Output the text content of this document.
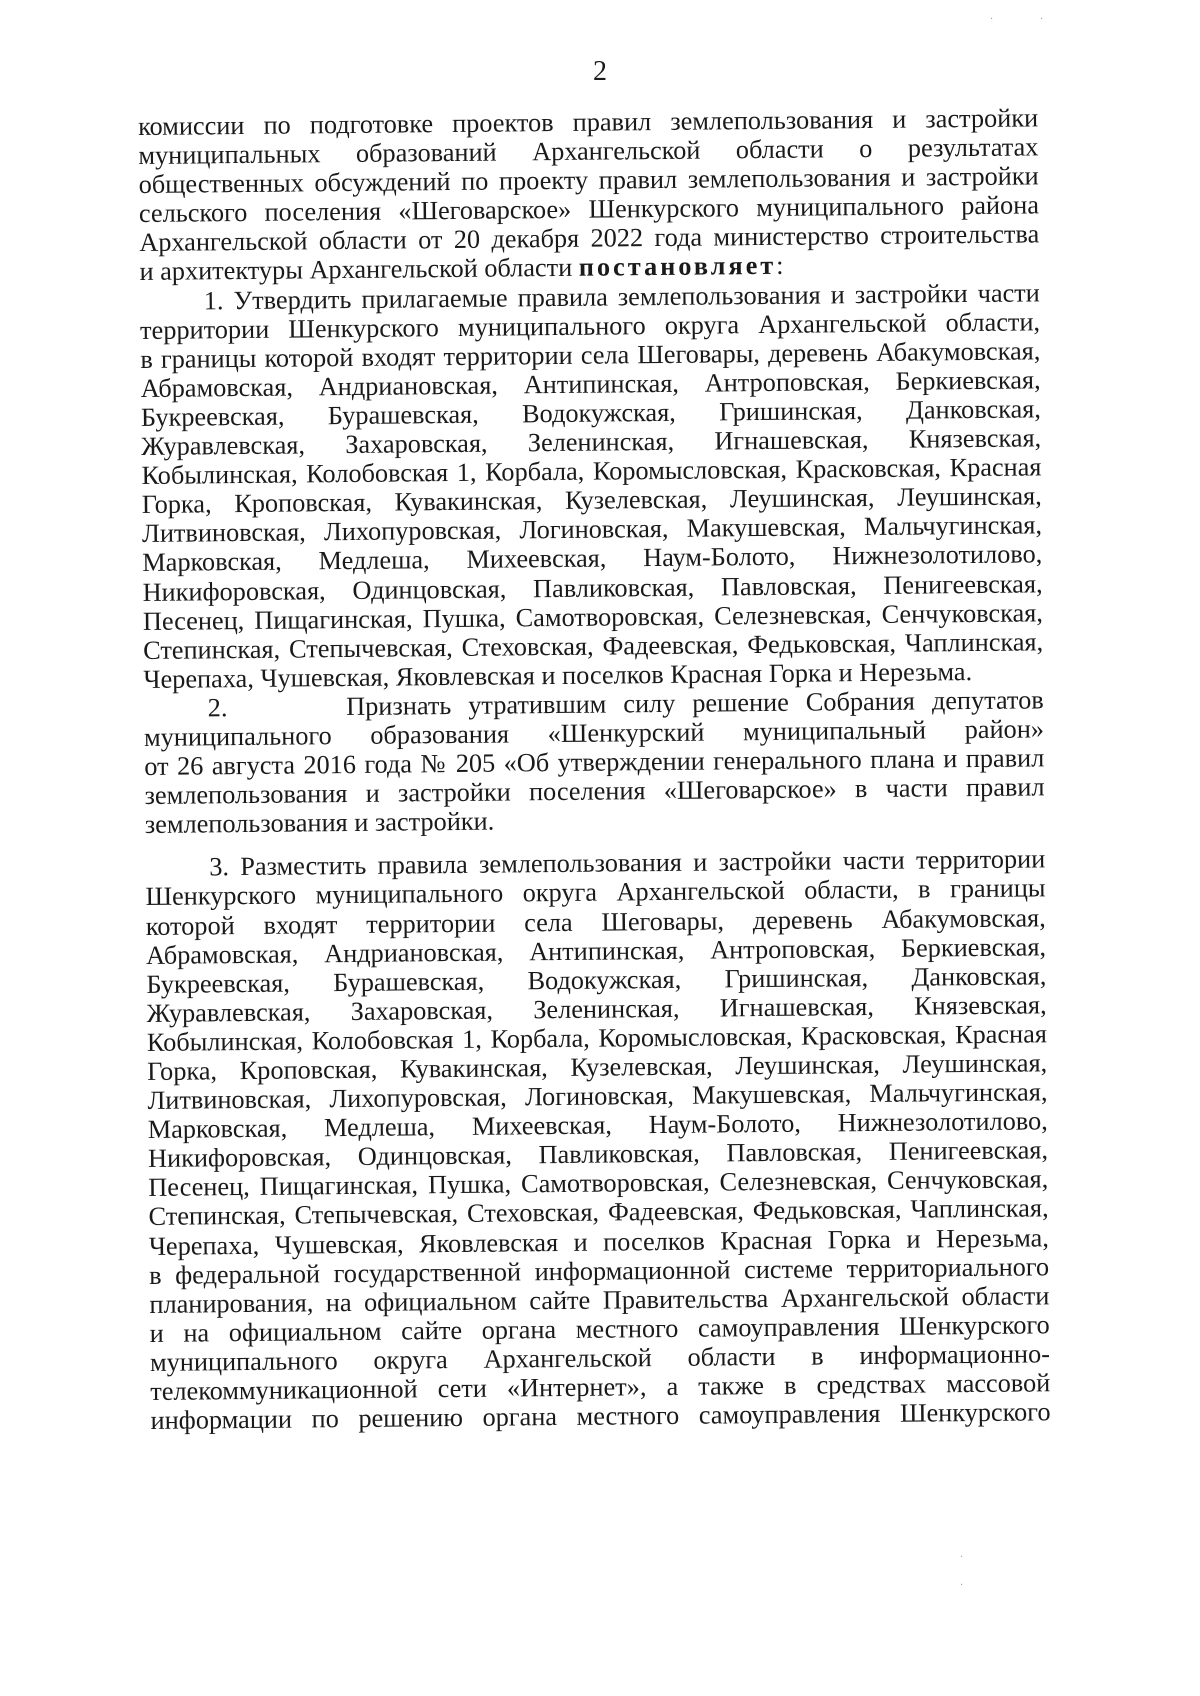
2
комиссии по подготовке проектов правил землепользования и застройки
муниципальных образований Архангельской области о результатах
общественных обсуждений по проекту правил землепользования и застройки
сельского поселения «Шеговарское» Шенкурского муниципального района
Архангельской области от 20 декабря 2022 года министерство строительства
и архитектуры Архангельской области постановляет:
1. Утвердить прилагаемые правила землепользования и застройки части
территории Шенкурского муниципального округа Архангельской области,
в границы которой входят территории села Шеговары, деревень Абакумовская,
Абрамовская, Андриановская, Антипинская, Антроповская, Беркиевская,
Букреевская, Бурашевская, Водокужская, Гришинская, Данковская,
Журавлевская, Захаровская, Зеленинская, Игнашевская, Князевская,
Кобылинская, Колобовская 1, Корбала, Коромысловская, Красковская, Красная
Горка, Кроповская, Кувакинская, Кузелевская, Леушинская, Леушинская,
Литвиновская, Лихопуровская, Логиновская, Макушевская, Мальчугинская,
Марковская, Медлеша, Михеевская, Наум-Болото, Нижнезолотилово,
Никифоровская, Одинцовская, Павликовская, Павловская, Пенигеевская,
Песенец, Пищагинская, Пушка, Самотворовская, Селезневская, Сенчуковская,
Степинская, Степычевская, Стеховская, Фадеевская, Федьковская, Чаплинская,
Черепаха, Чушевская, Яковлевская и поселков Красная Горка и Нерезьма.
2.	Признать утратившим силу решение Собрания депутатов
муниципального образования «Шенкурский муниципальный район»
от 26 августа 2016 года № 205 «Об утверждении генерального плана и правил
землепользования и застройки поселения «Шеговарское» в части правил
землепользования и застройки.
3. Разместить правила землепользования и застройки части территории
Шенкурского муниципального округа Архангельской области, в границы
которой входят территории села Шеговары, деревень Абакумовская,
Абрамовская, Андриановская, Антипинская, Антроповская, Беркиевская,
Букреевская, Бурашевская, Водокужская, Гришинская, Данковская,
Журавлевская, Захаровская, Зеленинская, Игнашевская, Князевская,
Кобылинская, Колобовская 1, Корбала, Коромысловская, Красковская, Красная
Горка, Кроповская, Кувакинская, Кузелевская, Леушинская, Леушинская,
Литвиновская, Лихопуровская, Логиновская, Макушевская, Мальчугинская,
Марковская, Медлеша, Михеевская, Наум-Болото, Нижнезолотилово,
Никифоровская, Одинцовская, Павликовская, Павловская, Пенигеевская,
Песенец, Пищагинская, Пушка, Самотворовская, Селезневская, Сенчуковская,
Степинская, Степычевская, Стеховская, Фадеевская, Федьковская, Чаплинская,
Черепаха, Чушевская, Яковлевская и поселков Красная Горка и Нерезьма,
в федеральной государственной информационной системе территориального
планирования, на официальном сайте Правительства Архангельской области
и на официальном сайте органа местного самоуправления Шенкурского
муниципального округа Архангельской области в информационно-
телекоммуникационной сети «Интернет», а также в средствах массовой
информации по решению органа местного самоуправления Шенкурского
·	·
·
·
